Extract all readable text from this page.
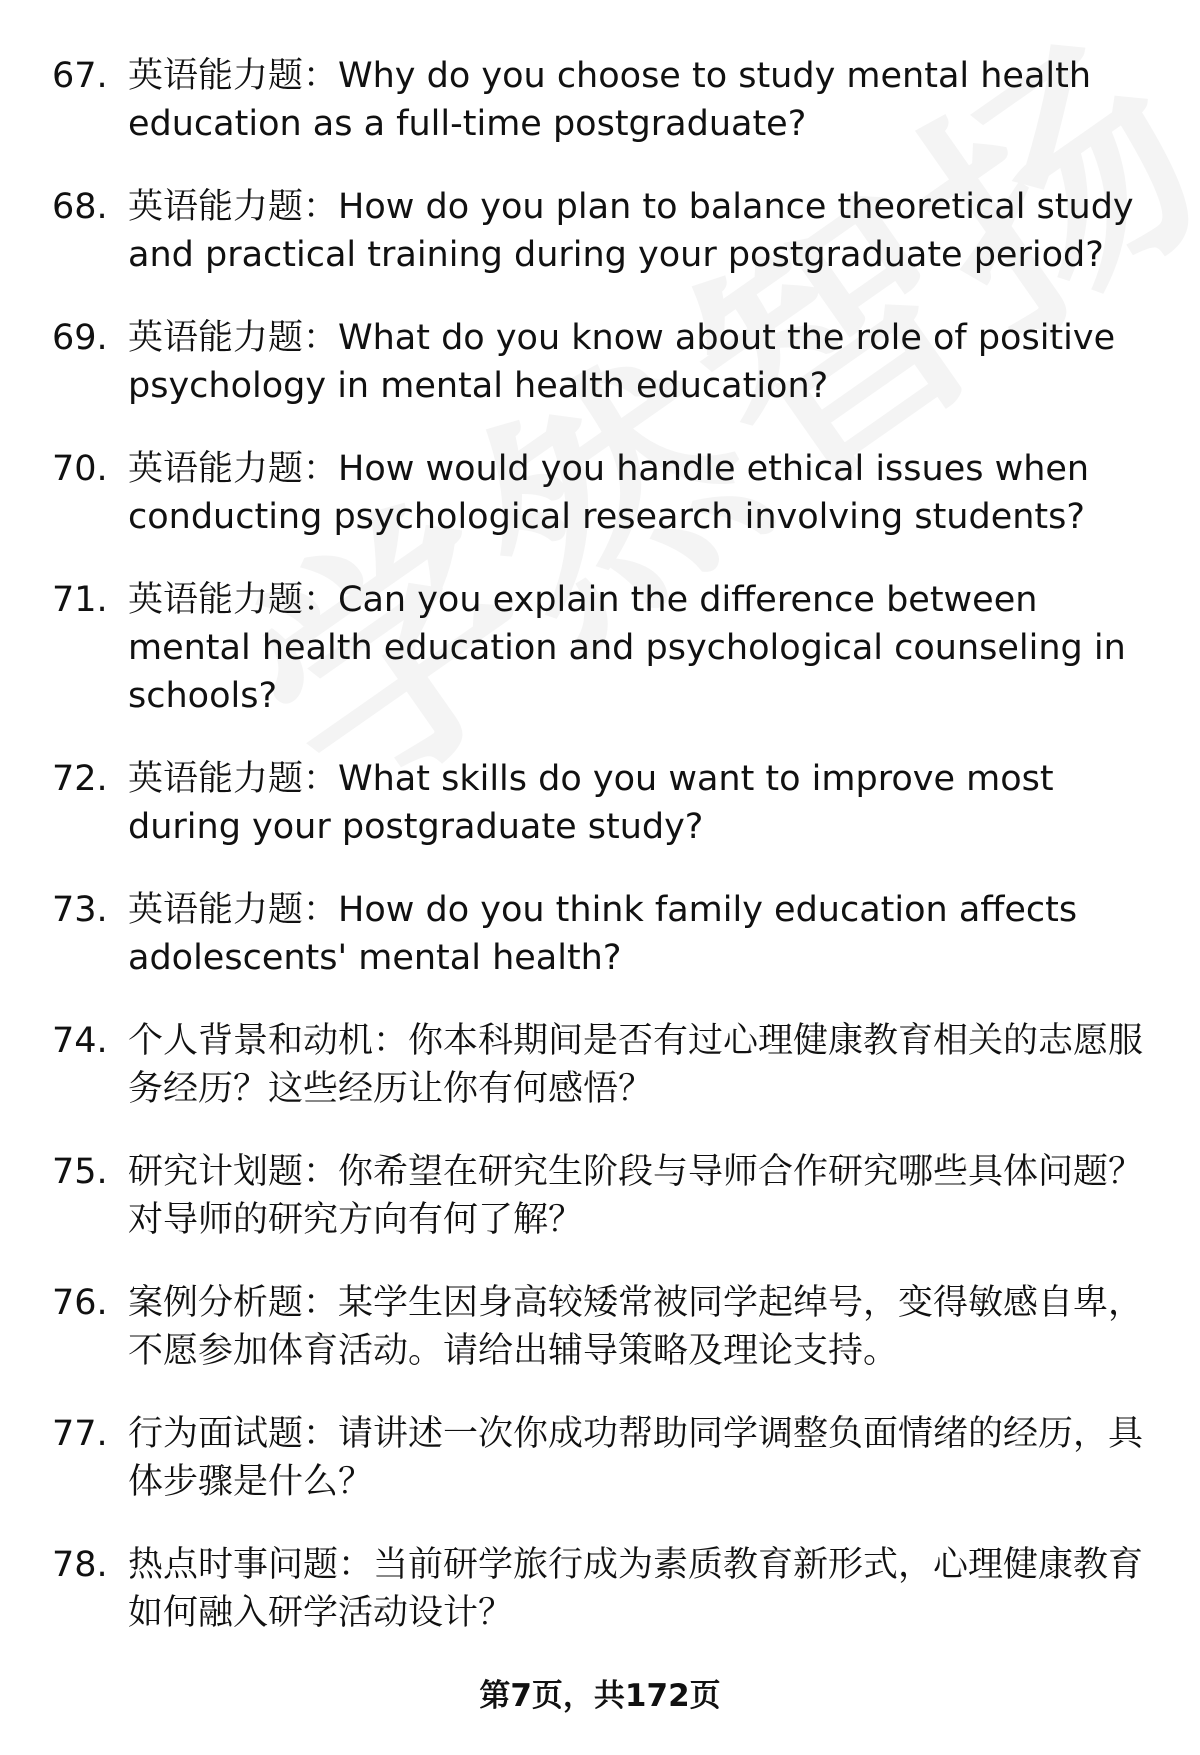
67. 英语能力题：Why do you choose to study mental health education as a full-time postgraduate?
68. 英语能力题：How do you plan to balance theoretical study and practical training during your postgraduate period?
69. 英语能力题：What do you know about the role of positive psychology in mental health education?
70. 英语能力题：How would you handle ethical issues when conducting psychological research involving students?
71. 英语能力题：Can you explain the difference between mental health education and psychological counseling in schools?
72. 英语能力题：What skills do you want to improve most during your postgraduate study?
73. 英语能力题：How do you think family education affects adolescents' mental health?
74. 个人背景和动机：你本科期间是否有过心理健康教育相关的志愿服务经历？这些经历让你有何感悟？
75. 研究计划题：你希望在研究生阶段与导师合作研究哪些具体问题？对导师的研究方向有何了解？
76. 案例分析题：某学生因身高较矮常被同学起绰号，变得敏感自卑，不愿参加体育活动。请给出辅导策略及理论支持。
77. 行为面试题：请讲述一次你成功帮助同学调整负面情绪的经历，具体步骤是什么？
78. 热点时事问题：当前研学旅行成为素质教育新形式，心理健康教育如何融入研学活动设计？
第7页，共172页
